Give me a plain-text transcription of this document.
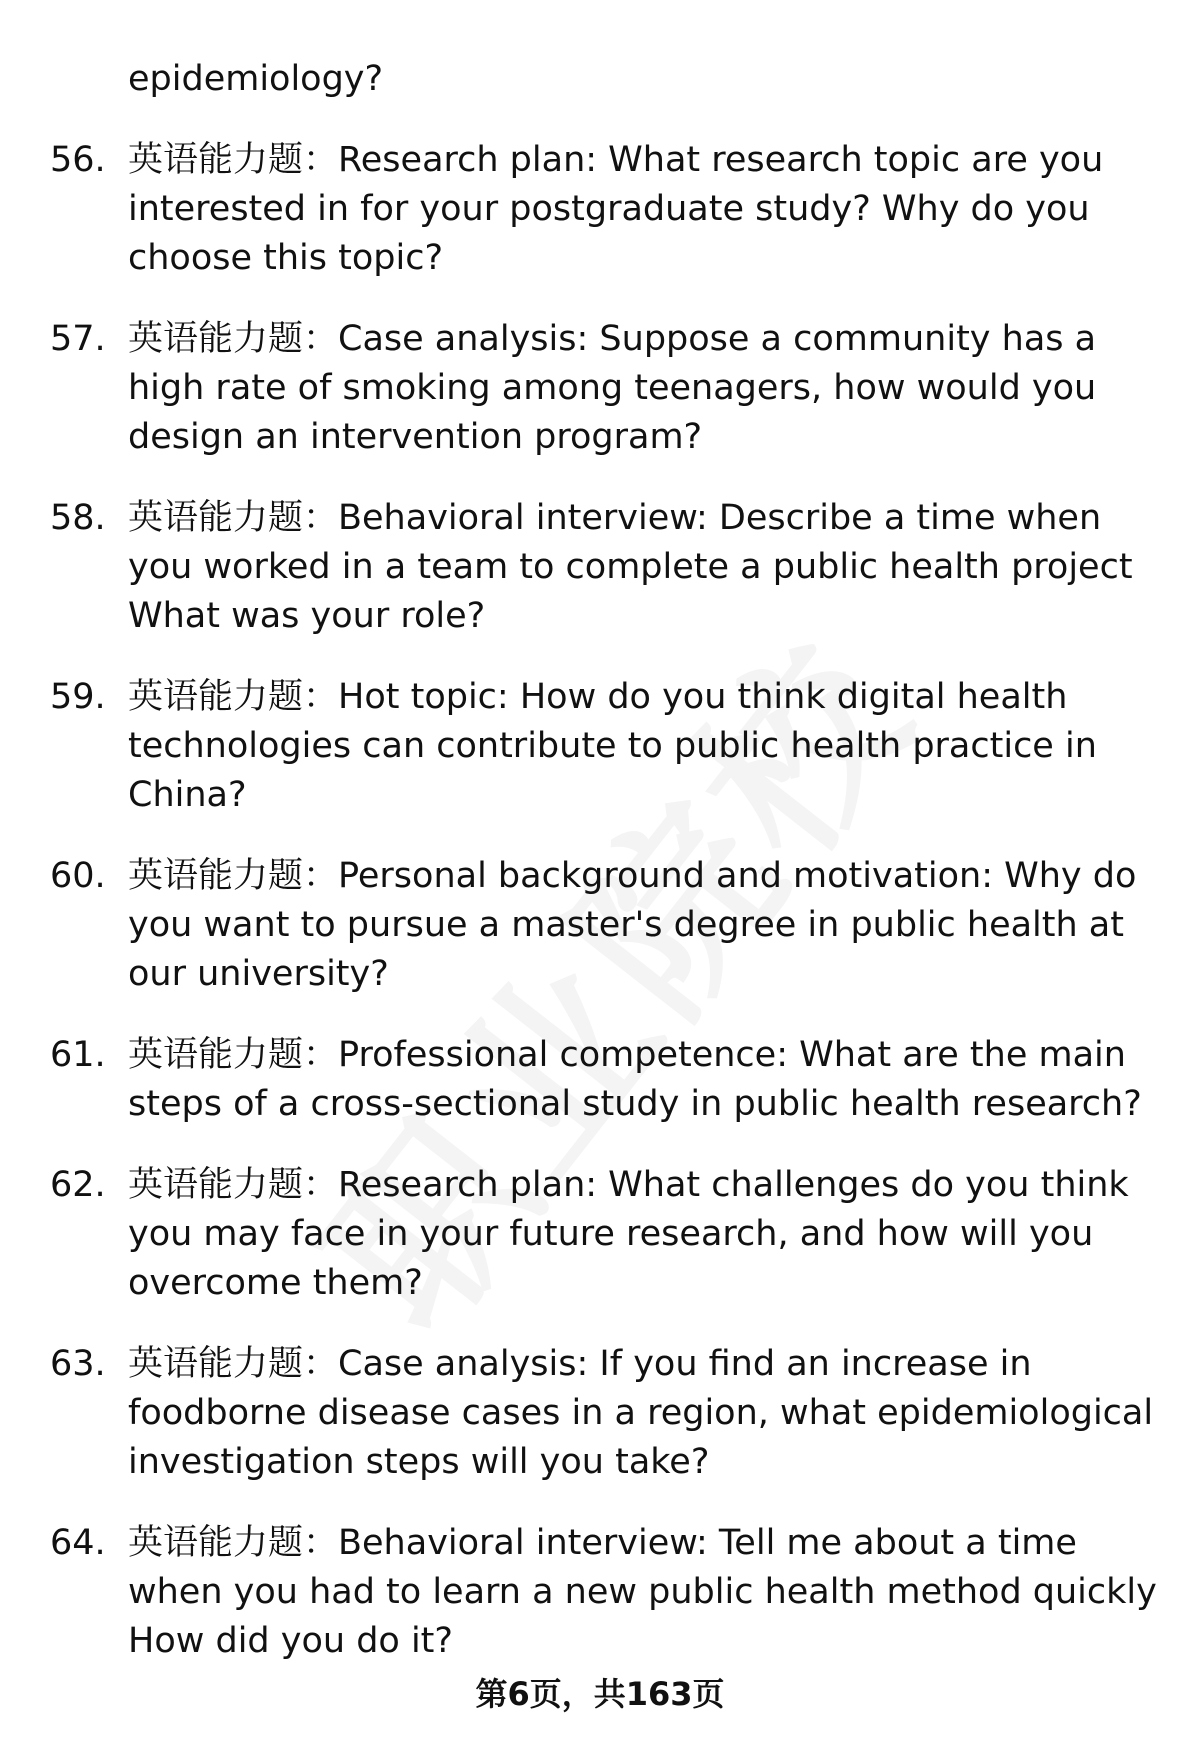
epidemiology?
56. 英语能力题：Research plan: What research topic are you interested in for your postgraduate study? Why do you choose this topic?
57. 英语能力题：Case analysis: Suppose a community has a high rate of smoking among teenagers, how would you design an intervention program?
58. 英语能力题：Behavioral interview: Describe a time when you worked in a team to complete a public health project What was your role?
59. 英语能力题：Hot topic: How do you think digital health technologies can contribute to public health practice in China?
60. 英语能力题：Personal background and motivation: Why do you want to pursue a master's degree in public health at our university?
61. 英语能力题：Professional competence: What are the main steps of a cross-sectional study in public health research?
62. 英语能力题：Research plan: What challenges do you think you may face in your future research, and how will you overcome them?
63. 英语能力题：Case analysis: If you find an increase in foodborne disease cases in a region, what epidemiological investigation steps will you take?
64. 英语能力题：Behavioral interview: Tell me about a time when you had to learn a new public health method quickly How did you do it?
第6页，共163页
